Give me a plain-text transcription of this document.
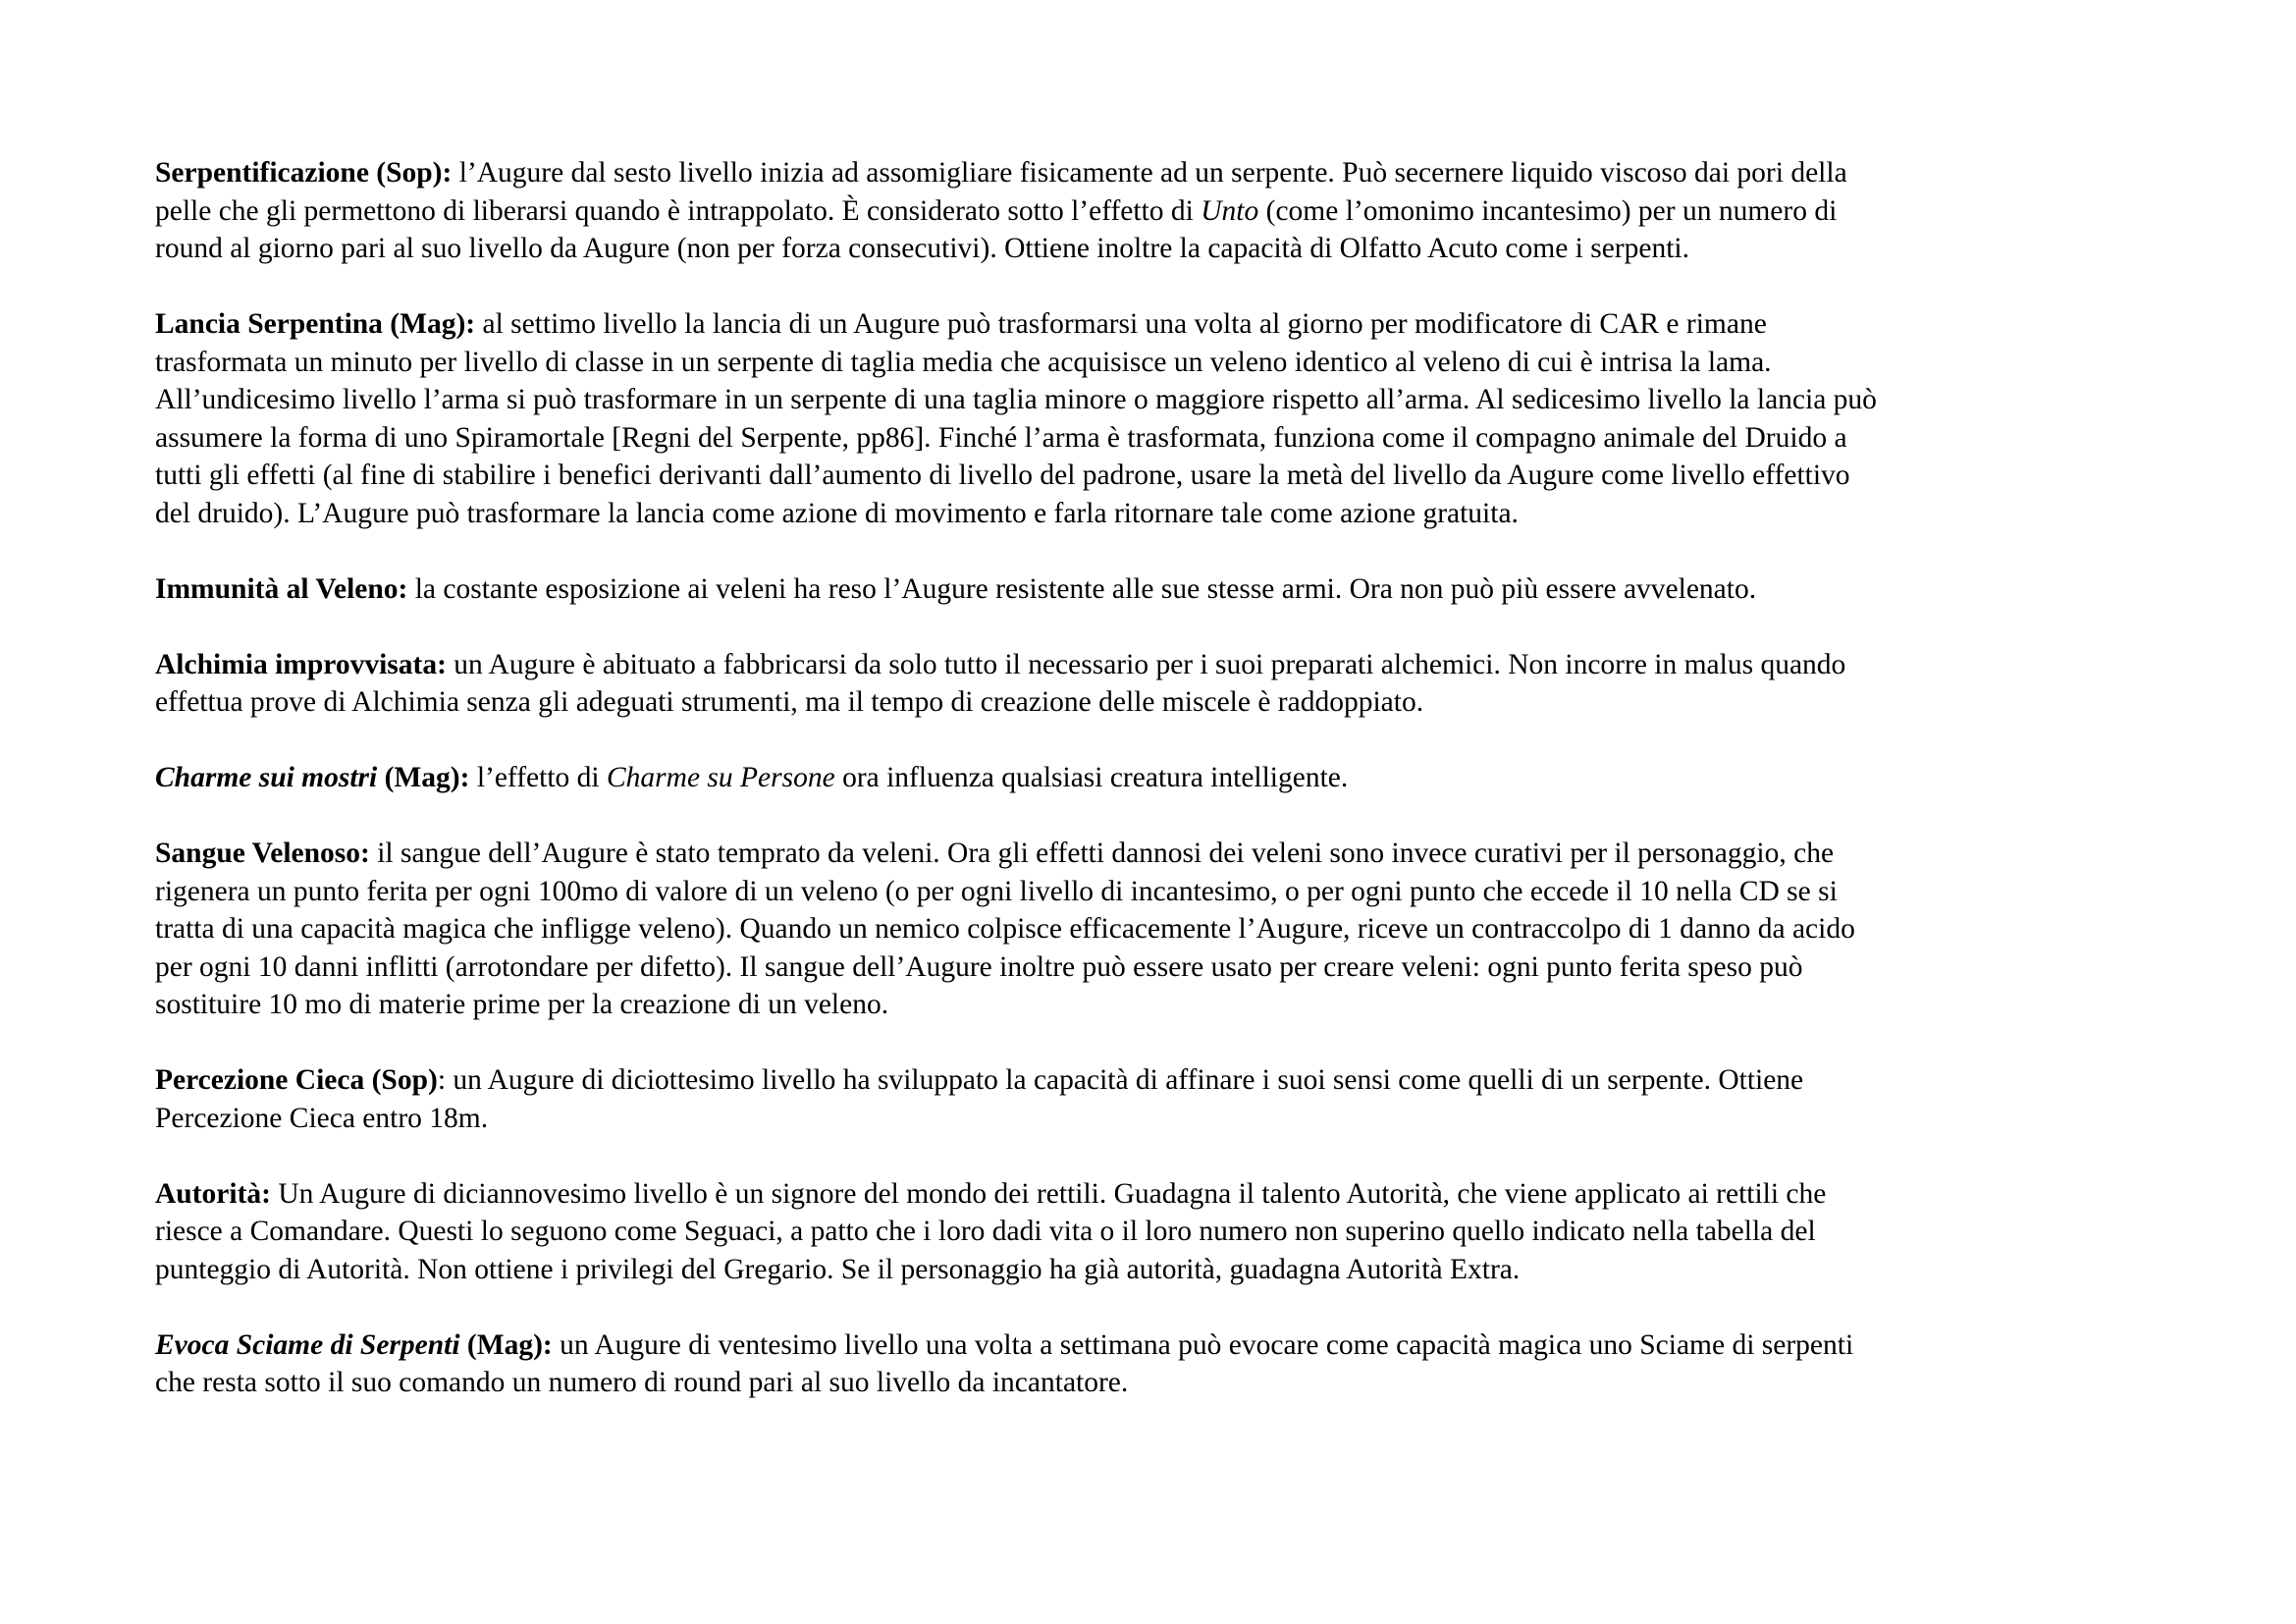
Serpentificazione (Sop): l’Augure dal sesto livello inizia ad assomigliare fisicamente ad un serpente. Può secernere liquido viscoso dai pori della
pelle che gli permettono di liberarsi quando è intrappolato. È considerato sotto l’effetto di Unto (come l’omonimo incantesimo) per un numero di
round al giorno pari al suo livello da Augure (non per forza consecutivi). Ottiene inoltre la capacità di Olfatto Acuto come i serpenti.

Lancia Serpentina (Mag): al settimo livello la lancia di un Augure può trasformarsi una volta al giorno per modificatore di CAR e rimane
trasformata un minuto per livello di classe in un serpente di taglia media che acquisisce un veleno identico al veleno di cui è intrisa la lama.
All’undicesimo livello l’arma si può trasformare in un serpente di una taglia minore o maggiore rispetto all’arma. Al sedicesimo livello la lancia può
assumere la forma di uno Spiramortale [Regni del Serpente, pp86]. Finché l’arma è trasformata, funziona come il compagno animale del Druido a
tutti gli effetti (al fine di stabilire i benefici derivanti dall’aumento di livello del padrone, usare la metà del livello da Augure come livello effettivo
del druido). L’Augure può trasformare la lancia come azione di movimento e farla ritornare tale come azione gratuita.

Immunità al Veleno: la costante esposizione ai veleni ha reso l’Augure resistente alle sue stesse armi. Ora non può più essere avvelenato.

Alchimia improvvisata: un Augure è abituato a fabbricarsi da solo tutto il necessario per i suoi preparati alchemici. Non incorre in malus quando
effettua prove di Alchimia senza gli adeguati strumenti, ma il tempo di creazione delle miscele è raddoppiato.

Charme sui mostri (Mag): l’effetto di Charme su Persone ora influenza qualsiasi creatura intelligente.

Sangue Velenoso: il sangue dell’Augure è stato temprato da veleni. Ora gli effetti dannosi dei veleni sono invece curativi per il personaggio, che
rigenera un punto ferita per ogni 100mo di valore di un veleno (o per ogni livello di incantesimo, o per ogni punto che eccede il 10 nella CD se si
tratta di una capacità magica che infligge veleno). Quando un nemico colpisce efficacemente l’Augure, riceve un contraccolpo di 1 danno da acido
per ogni 10 danni inflitti (arrotondare per difetto). Il sangue dell’Augure inoltre può essere usato per creare veleni: ogni punto ferita speso può
sostituire 10 mo di materie prime per la creazione di un veleno.

Percezione Cieca (Sop): un Augure di diciottesimo livello ha sviluppato la capacità di affinare i suoi sensi come quelli di un serpente. Ottiene
Percezione Cieca entro 18m.

Autorità: Un Augure di diciannovesimo livello è un signore del mondo dei rettili. Guadagna il talento Autorità, che viene applicato ai rettili che
riesce a Comandare. Questi lo seguono come Seguaci, a patto che i loro dadi vita o il loro numero non superino quello indicato nella tabella del
punteggio di Autorità. Non ottiene i privilegi del Gregario. Se il personaggio ha già autorità, guadagna Autorità Extra.

Evoca Sciame di Serpenti (Mag): un Augure di ventesimo livello una volta a settimana può evocare come capacità magica uno Sciame di serpenti
che resta sotto il suo comando un numero di round pari al suo livello da incantatore.
